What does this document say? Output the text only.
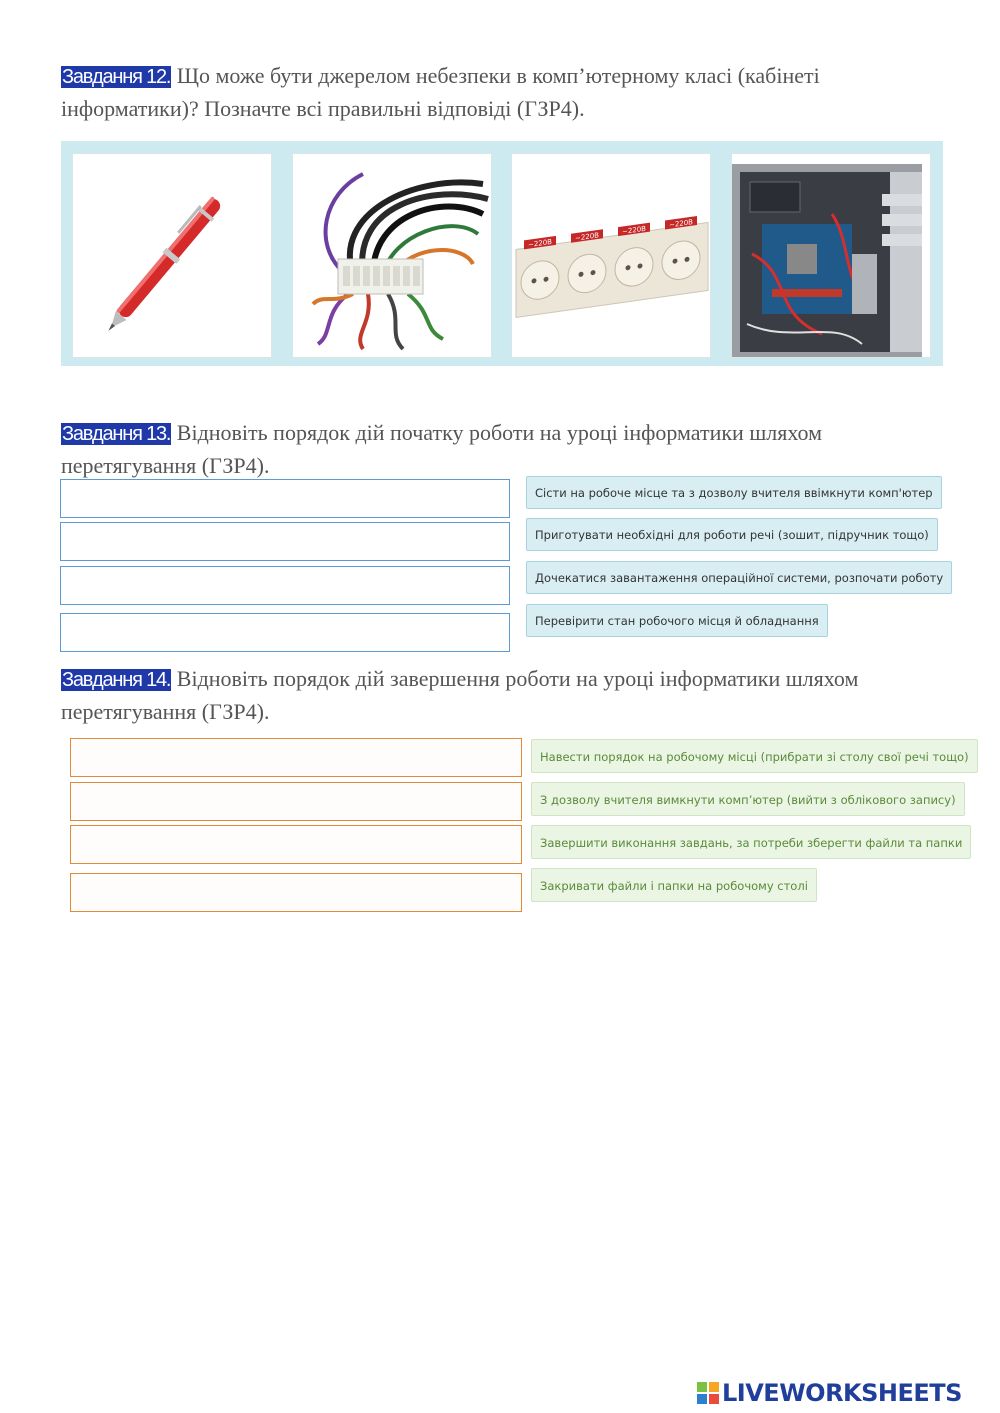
Завдання 12. Що може бути джерелом небезпеки в комп’ютерному класі (кабінеті інформатики)? Позначте всі правильні відповіді (ГЗР4).
~220В
~220В
~220В
~220В
Завдання 13. Відновіть порядок дій початку роботи на уроці інформатики шляхом перетягування (ГЗР4).
Сісти на робоче місце та з дозволу вчителя ввімкнути комп'ютер
Приготувати необхідні для роботи речі (зошит, підручник тощо)
Дочекатися завантаження операційної системи, розпочати роботу
Перевірити стан робочого місця й обладнання
Завдання 14. Відновіть порядок дій завершення роботи на уроці інформатики шляхом перетягування (ГЗР4).
Навести порядок на робочому місці (прибрати зі столу свої речі тощо)
З дозволу вчителя вимкнути комп’ютер (вийти з облікового запису)
Завершити виконання завдань, за потреби зберегти файли та папки
Закривати файли і папки на робочому столі
LIVEWORKSHEETS
